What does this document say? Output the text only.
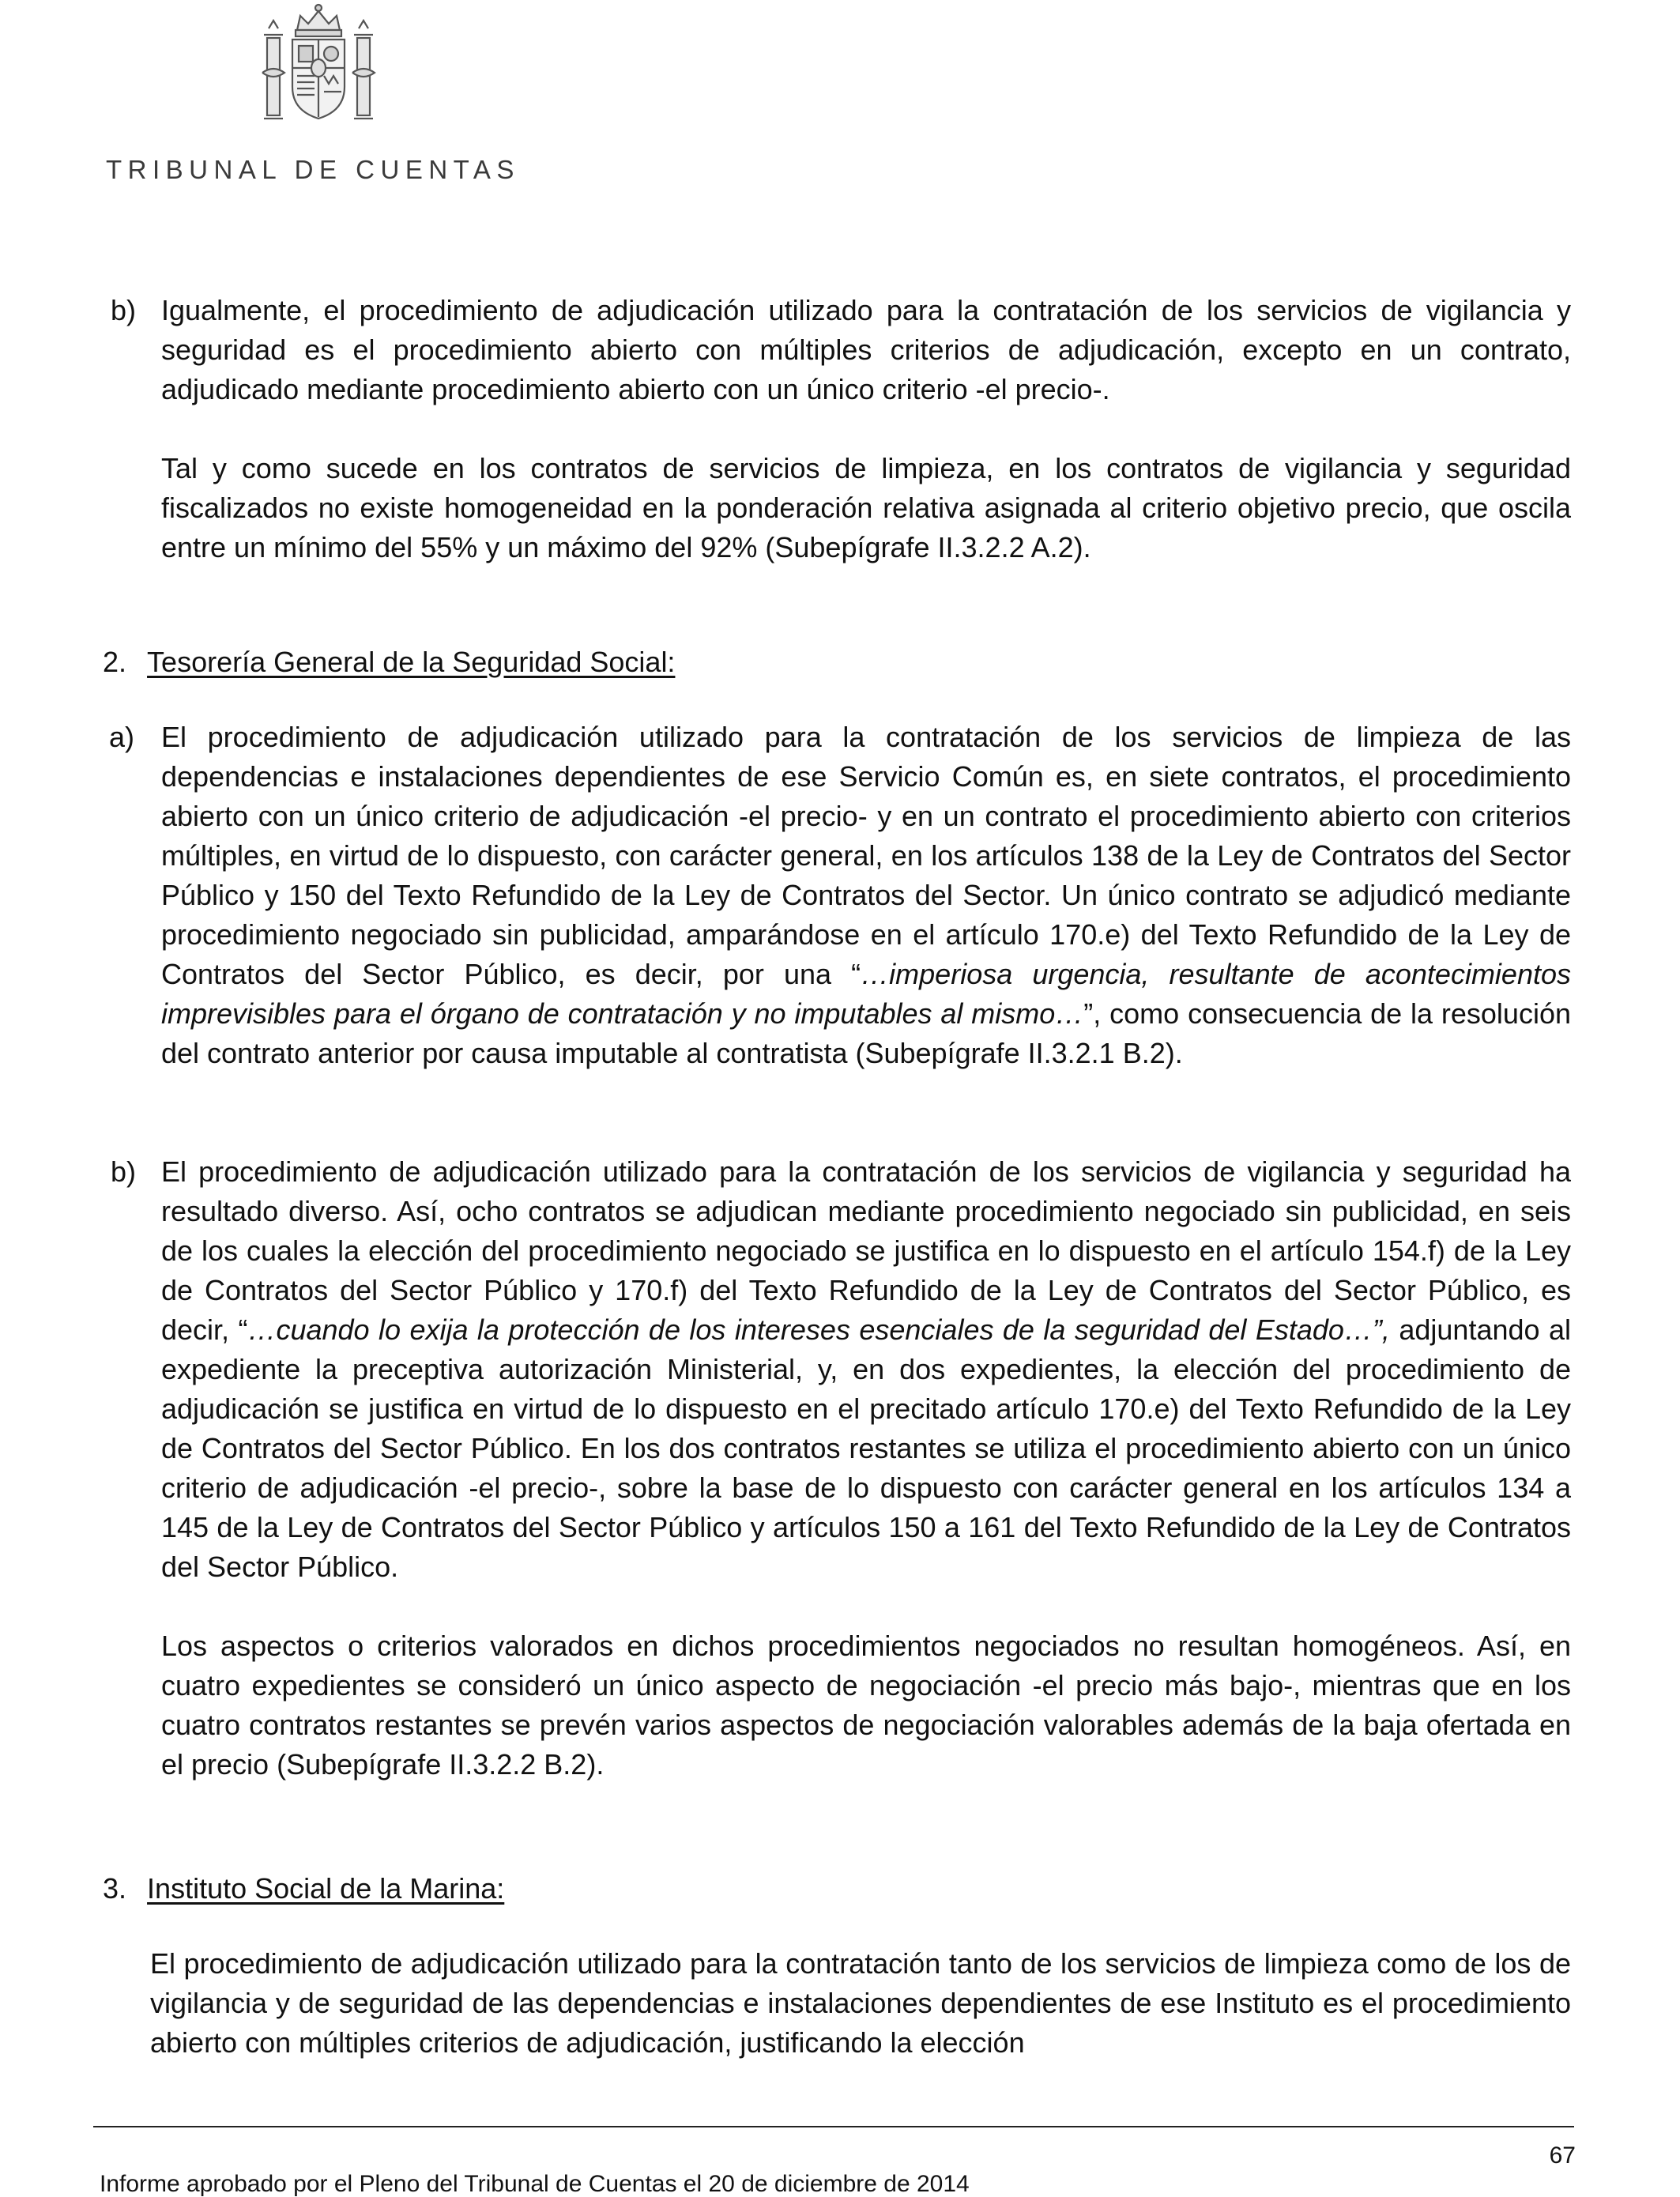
TRIBUNAL DE CUENTAS
b) Igualmente, el procedimiento de adjudicación utilizado para la contratación de los servicios de vigilancia y seguridad es el procedimiento abierto con múltiples criterios de adjudicación, excepto en un contrato, adjudicado mediante procedimiento abierto con un único criterio -el precio-.

Tal y como sucede en los contratos de servicios de limpieza, en los contratos de vigilancia y seguridad fiscalizados no existe homogeneidad en la ponderación relativa asignada al criterio objetivo precio, que oscila entre un mínimo del 55% y un máximo del 92% (Subepígrafe II.3.2.2 A.2).

2. Tesorería General de la Seguridad Social:
a) El procedimiento de adjudicación utilizado para la contratación de los servicios de limpieza de las dependencias e instalaciones dependientes de ese Servicio Común es, en siete contratos, el procedimiento abierto con un único criterio de adjudicación -el precio- y en un contrato el procedimiento abierto con criterios múltiples, en virtud de lo dispuesto, con carácter general, en los artículos 138 de la Ley de Contratos del Sector Público y 150 del Texto Refundido de la Ley de Contratos del Sector. Un único contrato se adjudicó mediante procedimiento negociado sin publicidad, amparándose en el artículo 170.e) del Texto Refundido de la Ley de Contratos del Sector Público, es decir, por una “…imperiosa urgencia, resultante de acontecimientos imprevisibles para el órgano de contratación y no imputables al mismo…”, como consecuencia de la resolución del contrato anterior por causa imputable al contratista (Subepígrafe II.3.2.1 B.2).

b) El procedimiento de adjudicación utilizado para la contratación de los servicios de vigilancia y seguridad ha resultado diverso. Así, ocho contratos se adjudican mediante procedimiento negociado sin publicidad, en seis de los cuales la elección del procedimiento negociado se justifica en lo dispuesto en el artículo 154.f) de la Ley de Contratos del Sector Público y 170.f) del Texto Refundido de la Ley de Contratos del Sector Público, es decir, “…cuando lo exija la protección de los intereses esenciales de la seguridad del Estado…”, adjuntando al expediente la preceptiva autorización Ministerial, y, en dos expedientes, la elección del procedimiento de adjudicación se justifica en virtud de lo dispuesto en el precitado artículo 170.e) del Texto Refundido de la Ley de Contratos del Sector Público. En los dos contratos restantes se utiliza el procedimiento abierto con un único criterio de adjudicación -el precio-, sobre la base de lo dispuesto con carácter general en los artículos 134 a 145 de la Ley de Contratos del Sector Público y artículos 150 a 161 del Texto Refundido de la Ley de Contratos del Sector Público.

Los aspectos o criterios valorados en dichos procedimientos negociados no resultan homogéneos. Así, en cuatro expedientes se consideró un único aspecto de negociación -el precio más bajo-, mientras que en los cuatro contratos restantes se prevén varios aspectos de negociación valorables además de la baja ofertada en el precio (Subepígrafe II.3.2.2 B.2).

3. Instituto Social de la Marina:

El procedimiento de adjudicación utilizado para la contratación tanto de los servicios de limpieza como de los de vigilancia y de seguridad de las dependencias e instalaciones dependientes de ese Instituto es el procedimiento abierto con múltiples criterios de adjudicación, justificando la elección

67
Informe aprobado por el Pleno del Tribunal de Cuentas el 20 de diciembre de 2014
